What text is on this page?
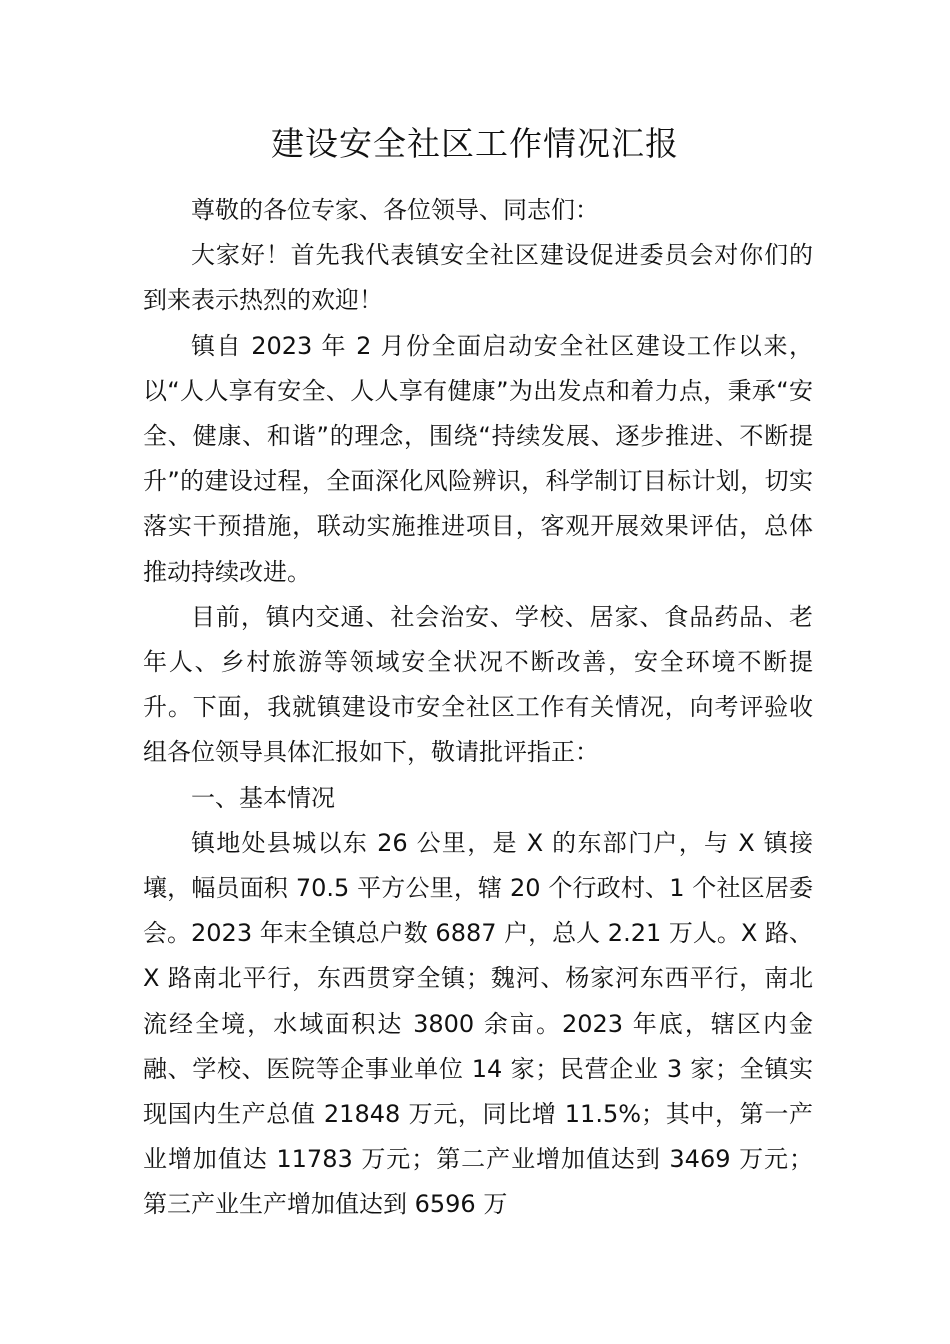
建设安全社区工作情况汇报

尊敬的各位专家、各位领导、同志们：

大家好！首先我代表镇安全社区建设促进委员会对你们的到来表示热烈的欢迎！

镇自 2023 年 2 月份全面启动安全社区建设工作以来，以“人人享有安全、人人享有健康”为出发点和着力点，秉承“安全、健康、和谐”的理念，围绕“持续发展、逐步推进、不断提升”的建设过程，全面深化风险辨识，科学制订目标计划，切实落实干预措施，联动实施推进项目，客观开展效果评估，总体推动持续改进。

目前，镇内交通、社会治安、学校、居家、食品药品、老年人、乡村旅游等领域安全状况不断改善，安全环境不断提升。下面，我就镇建设市安全社区工作有关情况，向考评验收组各位领导具体汇报如下，敬请批评指正：

一、基本情况

镇地处县城以东 26 公里，是 X 的东部门户，与 X 镇接壤，幅员面积 70.5 平方公里，辖 20 个行政村、1 个社区居委会。2023 年末全镇总户数 6887 户，总人 2.21 万人。X 路、X 路南北平行，东西贯穿全镇；魏河、杨家河东西平行，南北流经全境，水域面积达 3800 余亩。2023 年底，辖区内金融、学校、医院等企事业单位 14 家；民营企业 3 家；全镇实现国内生产总值 21848 万元，同比增 11.5%；其中，第一产业增加值达 11783 万元；第二产业增加值达到 3469 万元；第三产业生产增加值达到 6596 万
